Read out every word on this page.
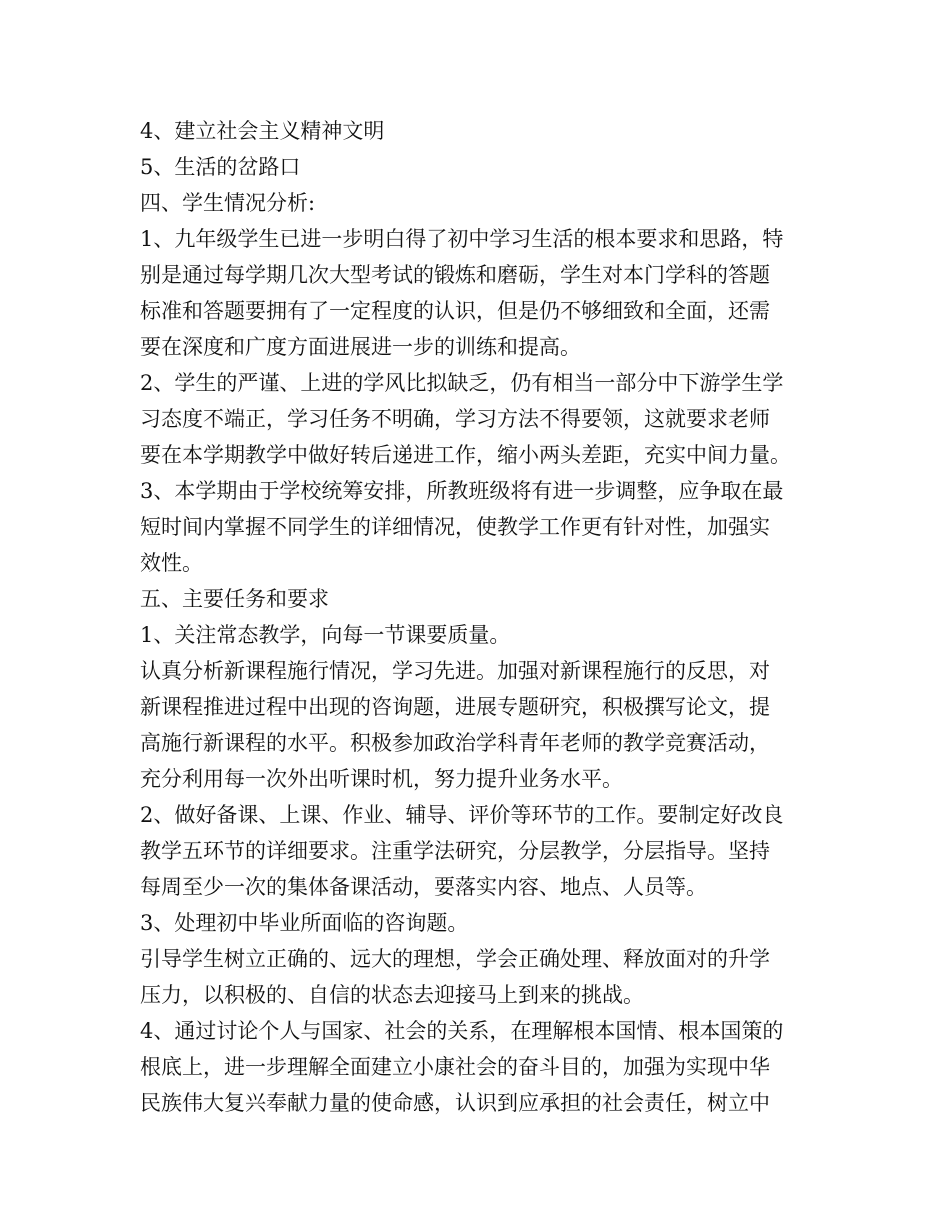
4、建立社会主义精神文明
5、生活的岔路口
四、学生情况分析:
1、九年级学生已进一步明白得了初中学习生活的根本要求和思路，特
别是通过每学期几次大型考试的锻炼和磨砺，学生对本门学科的答题
标准和答题要拥有了一定程度的认识，但是仍不够细致和全面，还需
要在深度和广度方面进展进一步的训练和提高。
2、学生的严谨、上进的学风比拟缺乏，仍有相当一部分中下游学生学
习态度不端正，学习任务不明确，学习方法不得要领，这就要求老师
要在本学期教学中做好转后递进工作，缩小两头差距，充实中间力量。
3、本学期由于学校统筹安排，所教班级将有进一步调整，应争取在最
短时间内掌握不同学生的详细情况，使教学工作更有针对性，加强实
效性。
五、主要任务和要求
1、关注常态教学，向每一节课要质量。
认真分析新课程施行情况，学习先进。加强对新课程施行的反思，对
新课程推进过程中出现的咨询题，进展专题研究，积极撰写论文，提
高施行新课程的水平。积极参加政治学科青年老师的教学竞赛活动，
充分利用每一次外出听课时机，努力提升业务水平。
2、做好备课、上课、作业、辅导、评价等环节的工作。要制定好改良
教学五环节的详细要求。注重学法研究，分层教学，分层指导。坚持
每周至少一次的集体备课活动，要落实内容、地点、人员等。
3、处理初中毕业所面临的咨询题。
引导学生树立正确的、远大的理想，学会正确处理、释放面对的升学
压力，以积极的、自信的状态去迎接马上到来的挑战。
4、通过讨论个人与国家、社会的关系，在理解根本国情、根本国策的
根底上，进一步理解全面建立小康社会的奋斗目的，加强为实现中华
民族伟大复兴奉献力量的使命感，认识到应承担的社会责任，树立中
